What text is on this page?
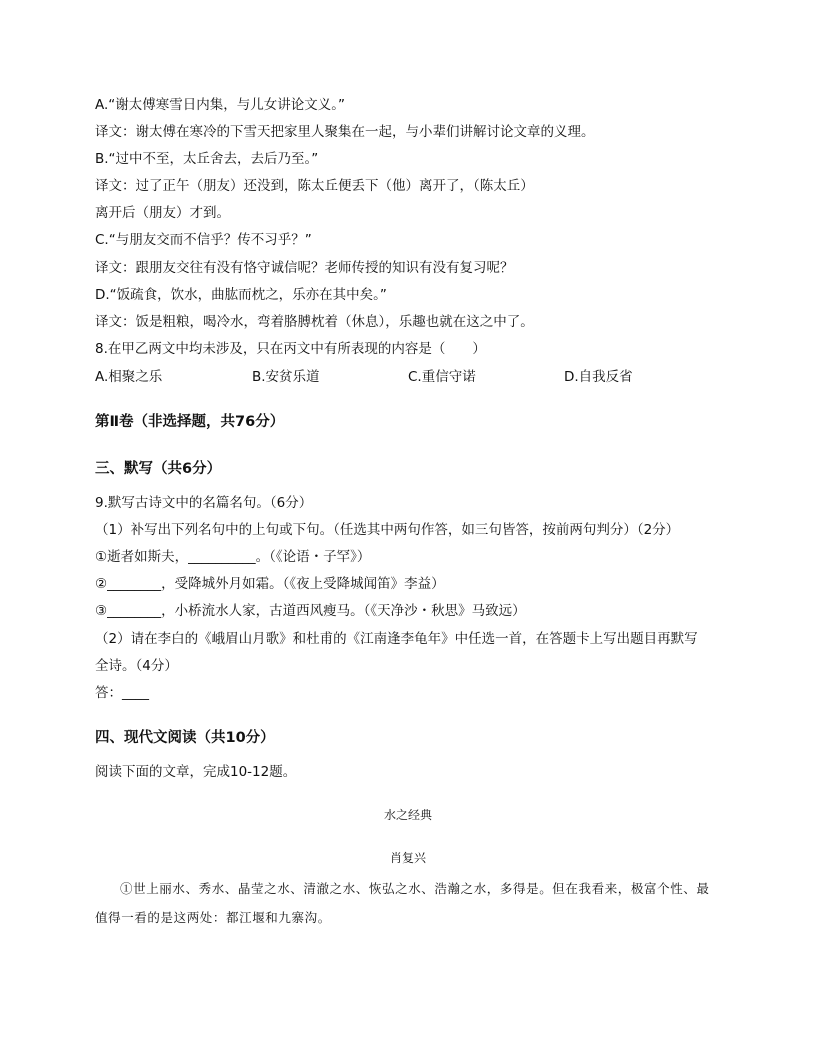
A.“谢太傅寒雪日内集，与儿女讲论文义。”

译文：谢太傅在寒冷的下雪天把家里人聚集在一起，与小辈们讲解讨论文章的义理。

B.“过中不至，太丘舍去，去后乃至。”

译文：过了正午（朋友）还没到，陈太丘便丢下（他）离开了，（陈太丘）

离开后（朋友）才到。

C.“与朋友交而不信乎？传不习乎？”

译文：跟朋友交往有没有恪守诚信呢？老师传授的知识有没有复习呢？

D.“饭疏食，饮水，曲肱而枕之，乐亦在其中矣。”

译文：饭是粗粮，喝冷水，弯着胳膊枕着（休息），乐趣也就在这之中了。

8.在甲乙两文中均未涉及，只在丙文中有所表现的内容是（　　）

A.相聚之乐	B.安贫乐道	C.重信守诺	D.自我反省
第Ⅱ卷（非选择题，共76分）
三、默写（共6分）

9.默写古诗文中的名篇名句。（6分）

（1）补写出下列名句中的上句或下句。（任选其中两句作答，如三句皆答，按前两句判分）（2分）

①逝者如斯夫，__________。（《论语・子罕》）

②________，受降城外月如霜。（《夜上受降城闻笛》李益）

③________，小桥流水人家，古道西风瘦马。（《天净沙・秋思》马致远）

（2）请在李白的《峨眉山月歌》和杜甫的《江南逢李龟年》中任选一首，在答题卡上写出题目再默写

全诗。（4分）

答：____

四、现代文阅读（共10分）

阅读下面的文章，完成10-12题。

水之经典
肖复兴

①世上丽水、秀水、晶莹之水、清澈之水、恢弘之水、浩瀚之水，多得是。但在我看来，极富个性、最值得一看的是这两处：都江堰和九寨沟。
